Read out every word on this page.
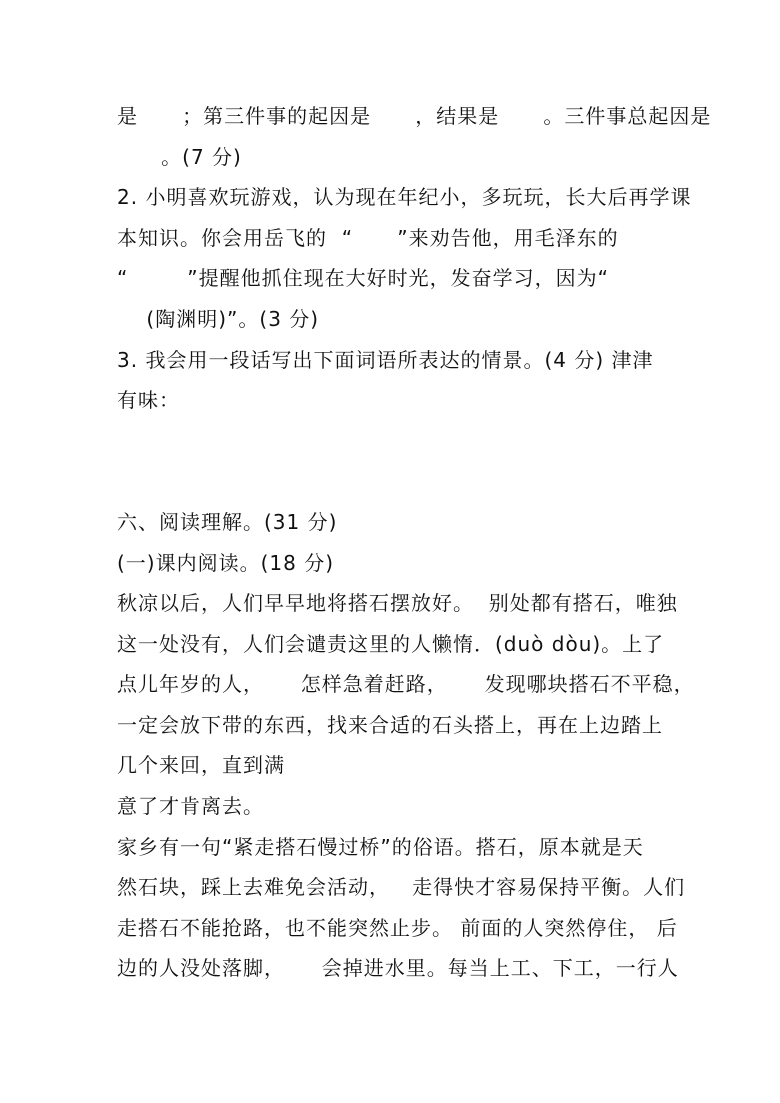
是      ；第三件事的起因是      ，结果是      。三件事总起因是
。(7 分)
2. 小明喜欢玩游戏，认为现在年纪小，多玩玩，长大后再学课
本知识。你会用岳飞的  “      ”来劝告他，用毛泽东的
“        ”提醒他抓住现在大好时光，发奋学习，因为“
(陶渊明)”。(3 分)
3. 我会用一段话写出下面词语所表达的情景。(4 分) 津津
有味：
六、阅读理解。(31 分)
(一)课内阅读。(18 分)
秋凉以后，人们早早地将搭石摆放好。  别处都有搭石，唯独
这一处没有，人们会谴责这里的人懒惰．(duò dòu)。上了
点儿年岁的人，     怎样急着赶路，     发现哪块搭石不平稳，
一定会放下带的东西，找来合适的石头搭上，再在上边踏上
几个来回，直到满
意了才肯离去。
家乡有一句“紧走搭石慢过桥”的俗语。搭石，原本就是天
然石块，踩上去难免会活动，   走得快才容易保持平衡。人们
走搭石不能抢路，也不能突然止步。 前面的人突然停住， 后
边的人没处落脚，     会掉进水里。每当上工、下工，一行人
